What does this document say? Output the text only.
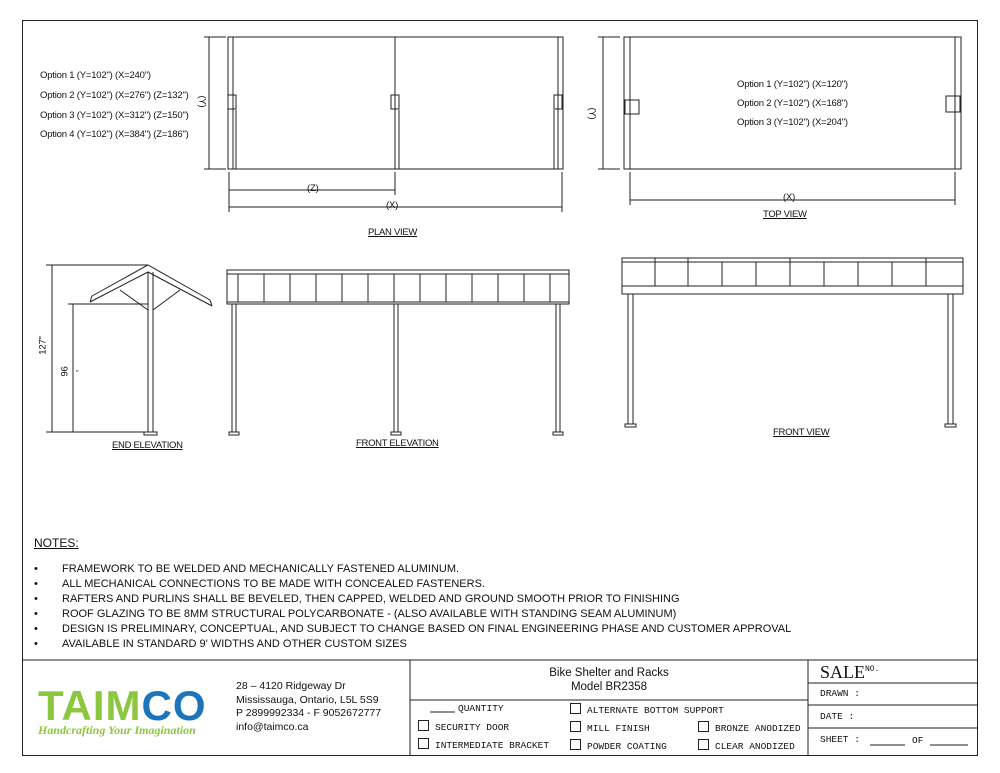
Option 1 (Y=102") (X=240")
Option 2 (Y=102") (X=276") (Z=132")
Option 3 (Y=102") (X=312") (Z=150")
Option 4 (Y=102") (X=384") (Z=186")
(Y)
(Z)
(X)
PLAN VIEW
Option 1 (Y=102") (X=120")
Option 2 (Y=102") (X=168")
Option 3 (Y=102") (X=204")
(Y)
(X)
TOP VIEW
127"
96 "
END ELEVATION	FRONT ELEVATION
FRONT VIEW
NOTES:
• FRAMEWORK TO BE WELDED AND MECHANICALLY FASTENED ALUMINUM.
• ALL MECHANICAL CONNECTIONS TO BE MADE WITH CONCEALED FASTENERS.
• RAFTERS AND PURLINS SHALL BE BEVELED, THEN CAPPED, WELDED AND GROUND SMOOTH PRIOR TO FINISHING
• ROOF GLAZING TO BE 8MM STRUCTURAL POLYCARBONATE - (ALSO AVAILABLE WITH STANDING SEAM ALUMINUM)
• DESIGN IS PRELIMINARY, CONCEPTUAL, AND SUBJECT TO CHANGE BASED ON FINAL ENGINEERING PHASE AND CUSTOMER APPROVAL
• AVAILABLE IN STANDARD 9' WIDTHS AND OTHER CUSTOM SIZES
TAIMCO
Handcrafting Your Imagination
28 – 4120 Ridgeway Dr
Mississauga, Ontario, L5L 5S9
P 2899992334 - F 9052672777
info@taimco.ca
Bike Shelter and Racks
Model BR2358
QUANTITY
SECURITY DOOR
INTERMEDIATE BRACKET
ALTERNATE BOTTOM SUPPORT
MILL FINISH
POWDER COATING
BRONZE ANODIZED
CLEAR ANODIZED
$SALE^{NO.}$
DRAWN :
DATE :
SHEET :	OF
